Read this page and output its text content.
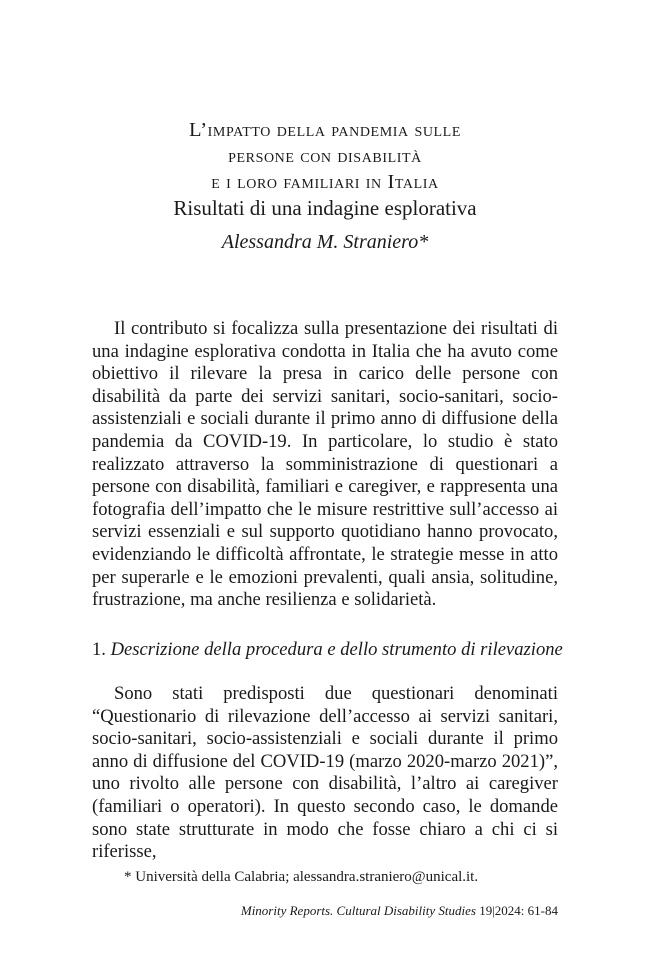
L’impatto della pandemia sulle
persone con disabilità
e i loro familiari in Italia
Risultati di una indagine esplorativa
Alessandra M. Straniero*

Il contributo si focalizza sulla presentazione dei risultati di una indagine esplorativa condotta in Italia che ha avuto come obiettivo il rilevare la presa in carico delle persone con disabilità da parte dei servizi sanitari, socio-sanitari, socio-assistenziali e sociali durante il primo anno di diffusione della pandemia da COVID-19. In particolare, lo studio è stato realizzato attraverso la somministrazione di questionari a persone con disabilità, familiari e caregiver, e rappresenta una fotografia dell’impatto che le misure restrittive sull’accesso ai servizi essenziali e sul supporto quotidiano hanno provocato, evidenziando le difficoltà affrontate, le strategie messe in atto per superarle e le emozioni prevalenti, quali ansia, solitudine, frustrazione, ma anche resilienza e solidarietà.

1. Descrizione della procedura e dello strumento di rilevazione

Sono stati predisposti due questionari denominati “Questionario di rilevazione dell’accesso ai servizi sanitari, socio-sanitari, socio-assistenziali e sociali durante il primo anno di diffusione del COVID-19 (marzo 2020-marzo 2021)”, uno rivolto alle persone con disabilità, l’altro ai caregiver (familiari o operatori). In questo secondo caso, le domande sono state strutturate in modo che fosse chiaro a chi ci si riferisse,

* Università della Calabria; alessandra.straniero@unical.it.

Minority Reports. Cultural Disability Studies 19|2024: 61-84
